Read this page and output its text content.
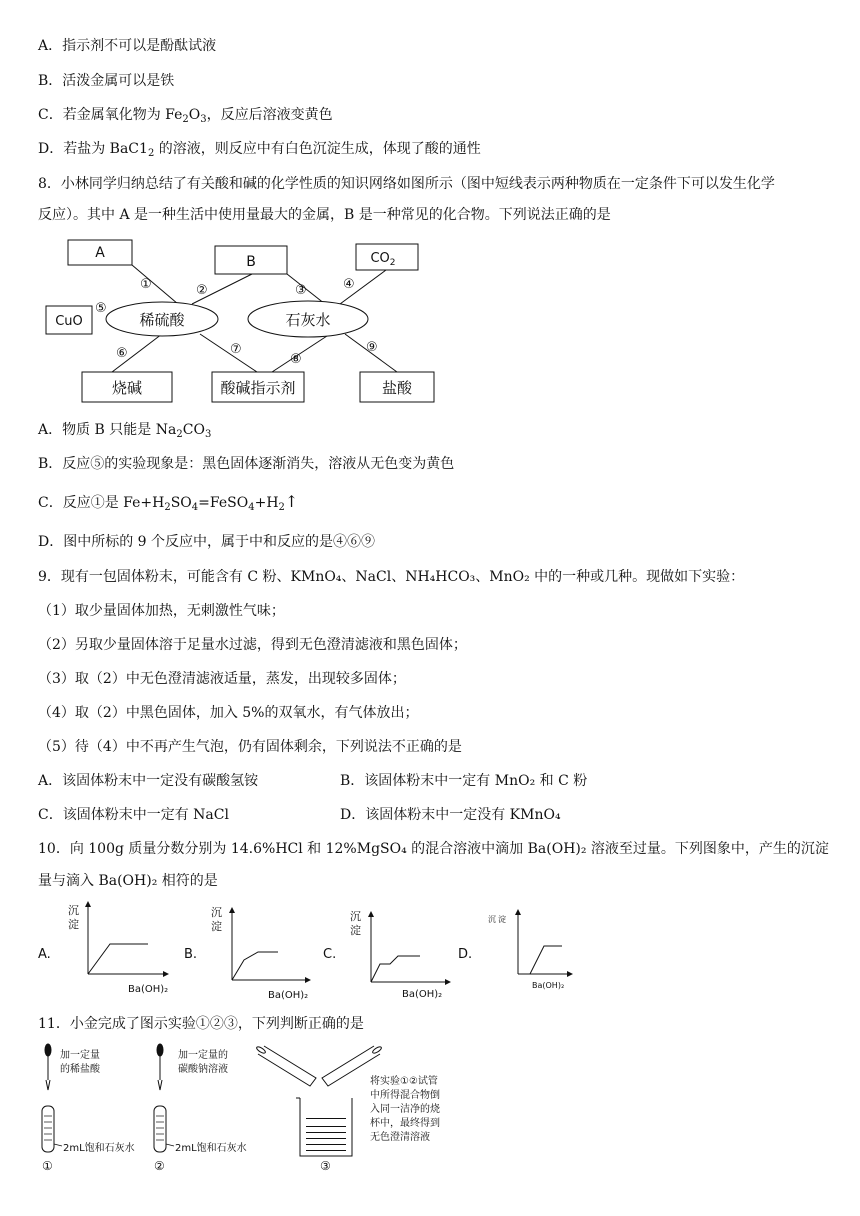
A．指示剂不可以是酚酞试液
B．活泼金属可以是铁
C．若金属氧化物为 $Fe_2O_3$，反应后溶液变黄色
D．若盐为 $BaC1_2$ 的溶液，则反应中有白色沉淀生成，体现了酸的通性
8．小林同学归纳总结了有关酸和碱的化学性质的知识网络如图所示（图中短线表示两种物质在一定条件下可以发生化学
反应）。其中 A 是一种生活中使用量最大的金属，B 是一种常见的化合物。下列说法正确的是
A
B	$CO_2$
CuO	稀硫酸	石灰水
烧碱	酸碱指示剂	盐酸
①	②	③	④
⑤
⑥	⑦
⑧
⑨
A．物质 B 只能是 $Na_2CO_3$
B．反应⑤的实验现象是：黑色固体逐渐消失，溶液从无色变为黄色
C．反应①是 $Fe+H_2SO_4=FeSO_4+H_2↑$
D．图中所标的 9 个反应中，属于中和反应的是④⑥⑨
9．现有一包固体粉末，可能含有 C 粉、KMnO₄、NaCl、NH₄HCO₃、MnO₂ 中的一种或几种。现做如下实验：
（1）取少量固体加热，无刺激性气味；
（2）另取少量固体溶于足量水过滤，得到无色澄清滤液和黑色固体；
（3）取（2）中无色澄清滤液适量，蒸发，出现较多固体；
（4）取（2）中黑色固体，加入 5%的双氧水，有气体放出；
（5）待（4）中不再产生气泡，仍有固体剩余，下列说法不正确的是
A．该固体粉末中一定没有碳酸氢铵	B．该固体粉末中一定有 MnO₂ 和 C 粉
C．该固体粉末中一定有 NaCl	D．该固体粉末中一定没有 KMnO₄
10．向 100g 质量分数分别为 14.6%HCl 和 12%MgSO₄ 的混合溶液中滴加 Ba(OH)₂ 溶液至过量。下列图象中，产生的沉淀
量与滴入 Ba(OH)₂ 相符的是
A.	B.	C.	D.
沉
淀
Ba(OH)₂
沉
淀
Ba(OH)₂
沉
淀
Ba(OH)₂
沉 淀
Ba(OH)₂
11．小金完成了图示实验①②③，下列判断正确的是
加一定量
的稀盐酸
2mL饱和石灰水
①
加一定量的
碳酸钠溶液
2mL饱和石灰水
②
将实验①②试管
中所得混合物倒
入同一洁净的烧
杯中，最终得到
无色澄清溶液
③
